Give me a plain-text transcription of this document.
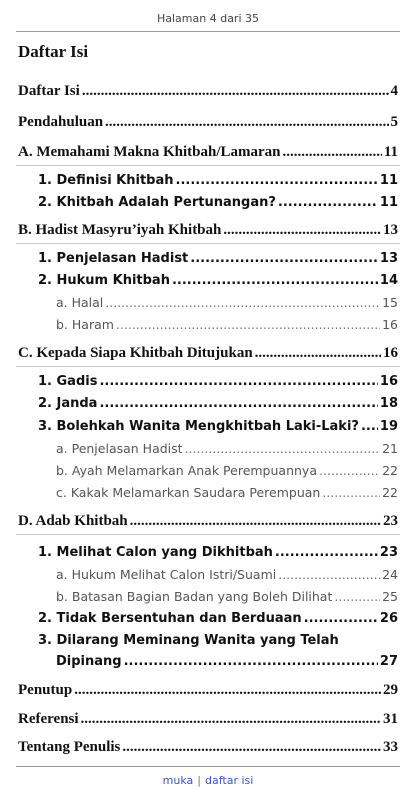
Halaman 4 dari 35
Daftar Isi
Daftar Isi .....	4
Pendahuluan .....	5
A. Memahami Makna Khitbah/Lamaran .....	11
1. Definisi Khitbah .....	11
2. Khitbah Adalah Pertunangan? .....	11
B. Hadist Masyru’iyah Khitbah .....	13
1. Penjelasan Hadist .....	13
2. Hukum Khitbah .....	14
a. Halal .....	15
b. Haram .....	16
C. Kepada Siapa Khitbah Ditujukan .....	16
1. Gadis .....	16
2. Janda .....	18
3. Bolehkah Wanita Mengkhitbah Laki-Laki? ..... 19
a. Penjelasan Hadist .....	21
b. Ayah Melamarkan Anak Perempuannya .....	22
c. Kakak Melamarkan Saudara Perempuan .....	22
D. Adab Khitbah .....	23
1. Melihat Calon yang Dikhitbah .....	23
a. Hukum Melihat Calon Istri/Suami .....	24
b. Batasan Bagian Badan yang Boleh Dilihat .....	25
2. Tidak Bersentuhan dan Berduaan .....	26
3. Dilarang Meminang Wanita yang Telah
Dipinang .....	27
Penutup .....	29
Referensi .....	31
Tentang Penulis .....	33
muka | daftar isi
